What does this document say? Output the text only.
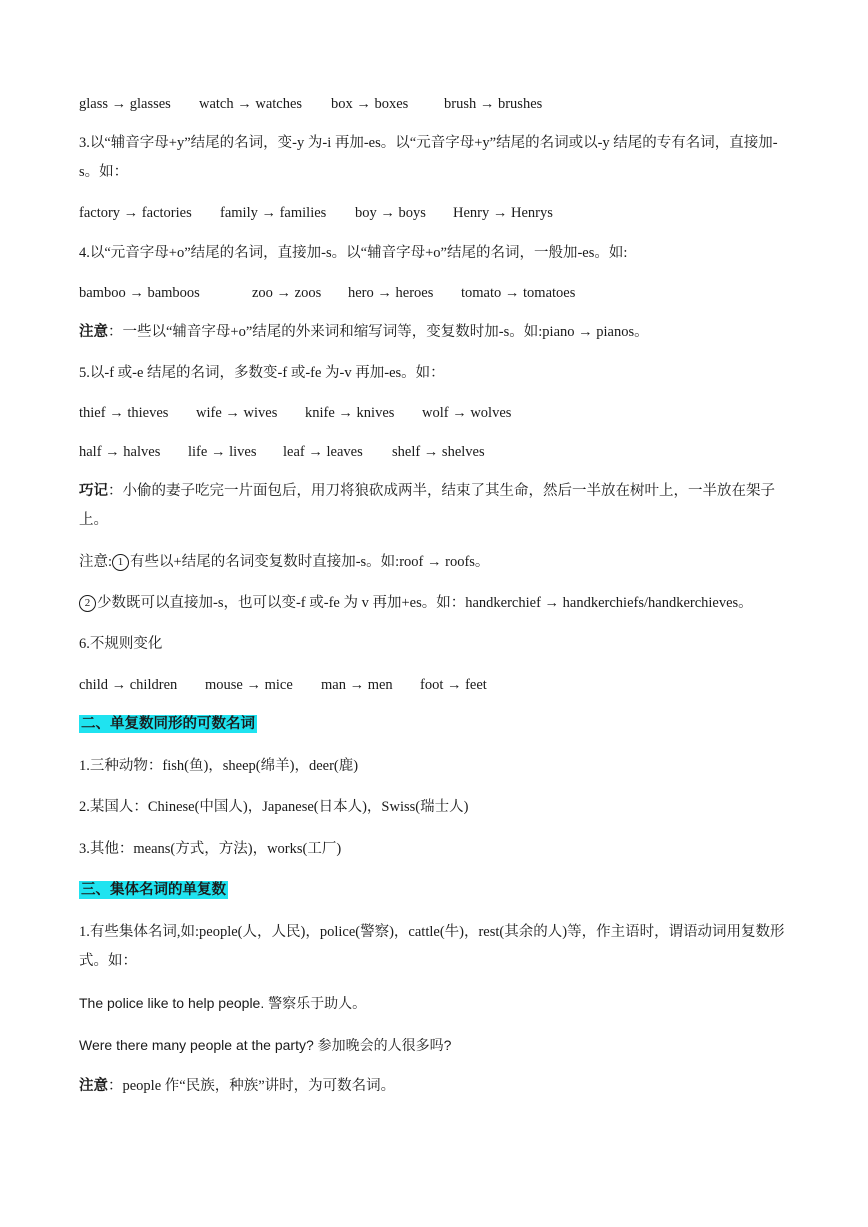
glass → glasses watch → watches box → boxes brush → brushes
3.以“辅音字母+y”结尾的名词，变-y 为-i 再加-es。以“元音字母+y”结尾的名词或以-y 结尾的专有名词，直接加-s。如：
factory → factories family → families boy → boys Henry → Henrys
4.以“元音字母+o”结尾的名词，直接加-s。以“辅音字母+o”结尾的名词，一般加-es。如:
bamboo → bamboos	zoo → zoos hero → heroes tomato → tomatoes
注意：一些以“辅音字母+o”结尾的外来词和缩写词等，变复数时加-s。如:piano → pianos。
5.以-f 或-e 结尾的名词，多数变-f 或-fe 为-v 再加-es。如：
thief → thieves wife → wives knife → knives wolf → wolves
half → halves life → lives leaf → leaves shelf → shelves
巧记：小偷的妻子吃完一片面包后，用刀将狼砍成两半，结束了其生命，然后一半放在树叶上，一半放在架子上。
注意: 1 有些以+结尾的名词变复数时直接加-s。如:roof → roofs。
2 少数既可以直接加-s，也可以变-f 或-fe 为 v 再加+es。如：handkerchief → handkerchiefs/handkerchieves。
6.不规则变化
child → children mouse → mice man → men foot → feet
二、单复数同形的可数名词
1.三种动物：fish(鱼)，sheep(绵羊)，deer(鹿)
2.某国人：Chinese(中国人)，Japanese(日本人)，Swiss(瑞士人)
3.其他：means(方式，方法)，works(工厂)
三、集体名词的单复数
1.有些集体名词,如:people(人，人民)，police(警察)，cattle(牛)，rest(其余的人)等，作主语时，谓语动词用复数形式。如：
The police like to help people. 警察乐于助人。
Were there many people at the party? 参加晚会的人很多吗?
注意：people 作“民族，种族”讲时，为可数名词。
